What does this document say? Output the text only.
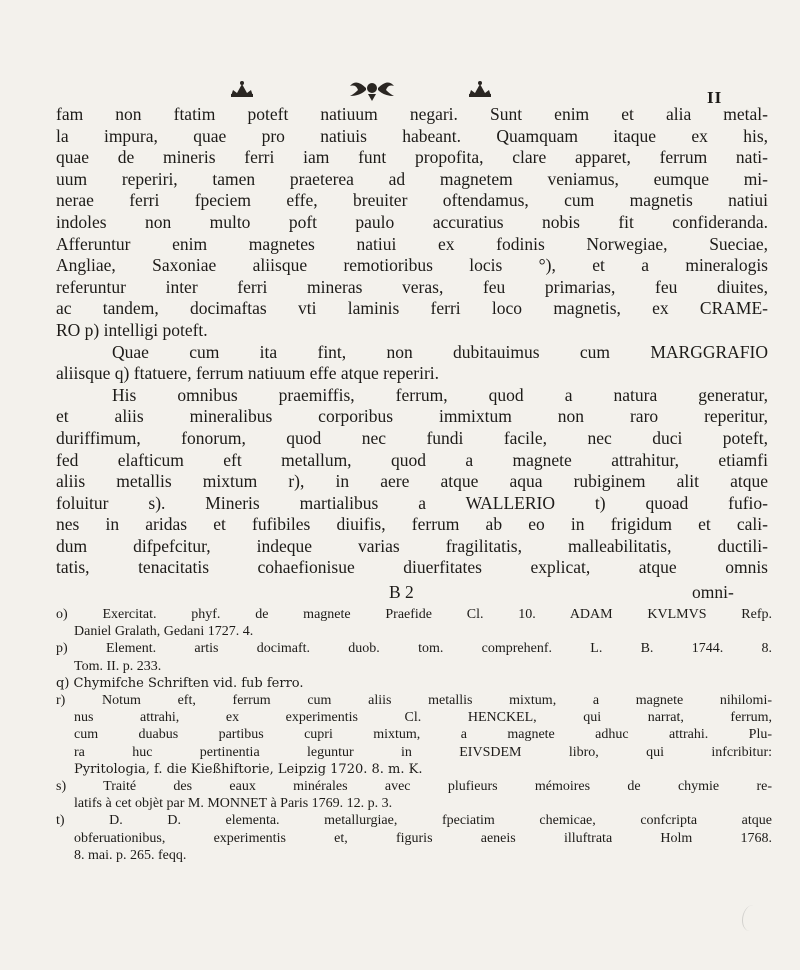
II
fam non ftatim poteft natiuum negari. Sunt enim et alia metal-
la impura, quae pro natiuis habeant. Quamquam itaque ex his,
quae de mineris ferri iam funt propofita, clare apparet, ferrum nati-
uum reperiri, tamen praeterea ad magnetem veniamus, eumque mi-
nerae ferri fpeciem effe, breuiter oftendamus, cum magnetis natiui
indoles non multo poft paulo accuratius nobis fit confideranda.
Afferuntur enim magnetes natiui ex fodinis Norwegiae, Sueciae,
Angliae, Saxoniae aliisque remotioribus locis °), et a mineralogis
referuntur inter ferri mineras veras, feu primarias, feu diuites,
ac tandem, docimaftas vti laminis ferri loco magnetis, ex CRAME-
RO p) intelligi poteft.
Quae cum ita fint, non dubitauimus cum MARGGRAFIO
aliisque q) ftatuere, ferrum natiuum effe atque reperiri.
His omnibus praemiffis, ferrum, quod a natura generatur,
et aliis mineralibus corporibus immixtum non raro reperitur,
duriffimum, fonorum, quod nec fundi facile, nec duci poteft,
fed elafticum eft metallum, quod a magnete attrahitur, etiamfi
aliis metallis mixtum r), in aere atque aqua rubiginem alit atque
foluitur s). Mineris martialibus a WALLERIO t) quoad fufio-
nes in aridas et fufibiles diuifis, ferrum ab eo in frigidum et cali-
dum difpefcitur, indeque varias fragilitatis, malleabilitatis, ductili-
tatis, tenacitatis cohaefionisue diuerfitates explicat, atque omnis
B 2	omni-
o) Exercitat. phyf. de magnete Praefide Cl. 10. ADAM KVLMVS Refp.
Daniel Gralath, Gedani 1727. 4.
p) Element. artis docimaft. duob. tom. comprehenf. L. B. 1744. 8.
Tom. II. p. 233.
q) Chymifche Schriften vid. fub ferro.
r) Notum eft, ferrum cum aliis metallis mixtum, a magnete nihilomi-
nus attrahi, ex experimentis Cl. HENCKEL, qui narrat, ferrum,
cum duabus partibus cupri mixtum, a magnete adhuc attrahi. Plu-
ra huc pertinentia leguntur in EIVSDEM libro, qui infcribitur:
Pyritologia, f. die Kießhiftorie, Leipzig 1720. 8. m. K.
s) Traité des eaux minérales avec plufieurs mémoires de chymie re-
latifs à cet objèt par M. MONNET à Paris 1769. 12. p. 3.
t) D. D. elementa. metallurgiae, fpeciatim chemicae, confcripta atque
obferuationibus, experimentis et, figuris aeneis illuftrata Holm 1768.
8. mai. p. 265. feqq.
